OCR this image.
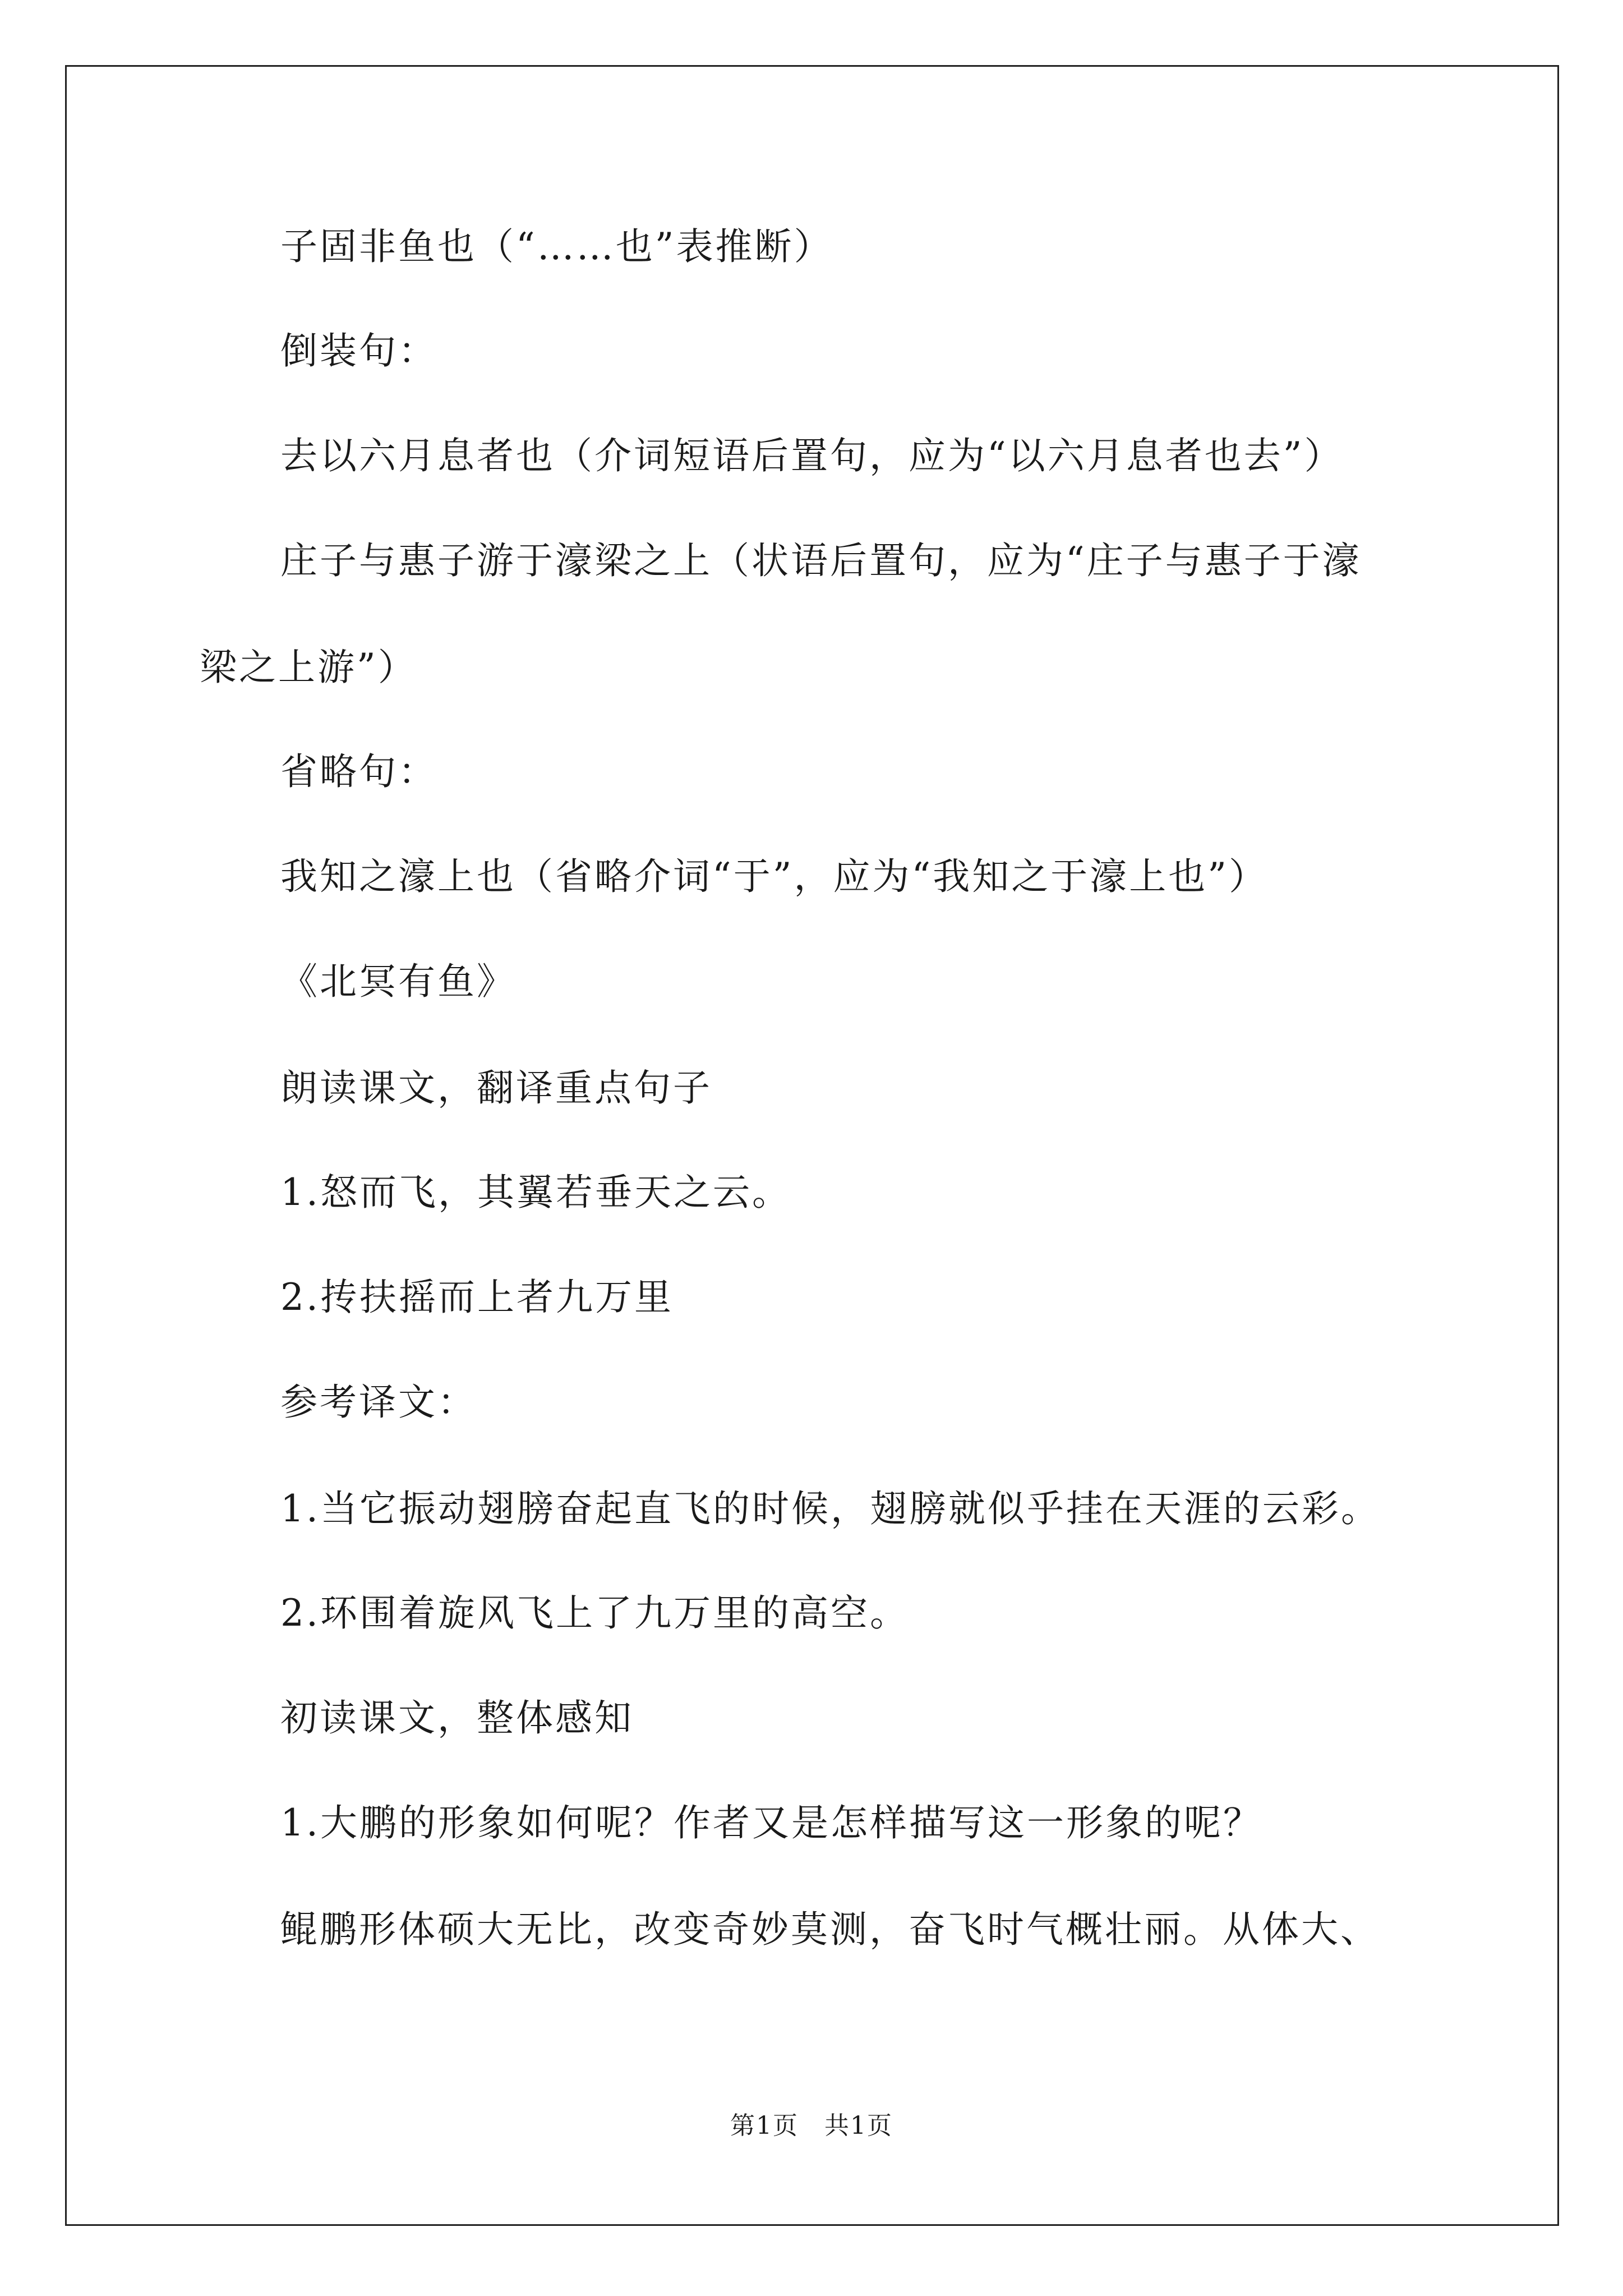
子固非鱼也（“……也”表推断）
倒装句：
去以六月息者也（介词短语后置句，应为“以六月息者也去”）
庄子与惠子游于濠梁之上（状语后置句，应为“庄子与惠子于濠
梁之上游”）
省略句：
我知之濠上也（省略介词“于”，应为“我知之于濠上也”）
《北冥有鱼》
朗读课文，翻译重点句子
1.怒而飞，其翼若垂天之云。
2.抟扶摇而上者九万里
参考译文：
1.当它振动翅膀奋起直飞的时候，翅膀就似乎挂在天涯的云彩。
2.环围着旋风飞上了九万里的高空。
初读课文，整体感知
1.大鹏的形象如何呢？作者又是怎样描写这一形象的呢？
鲲鹏形体硕大无比，改变奇妙莫测，奋飞时气概壮丽。从体大、
第1页　共1页
